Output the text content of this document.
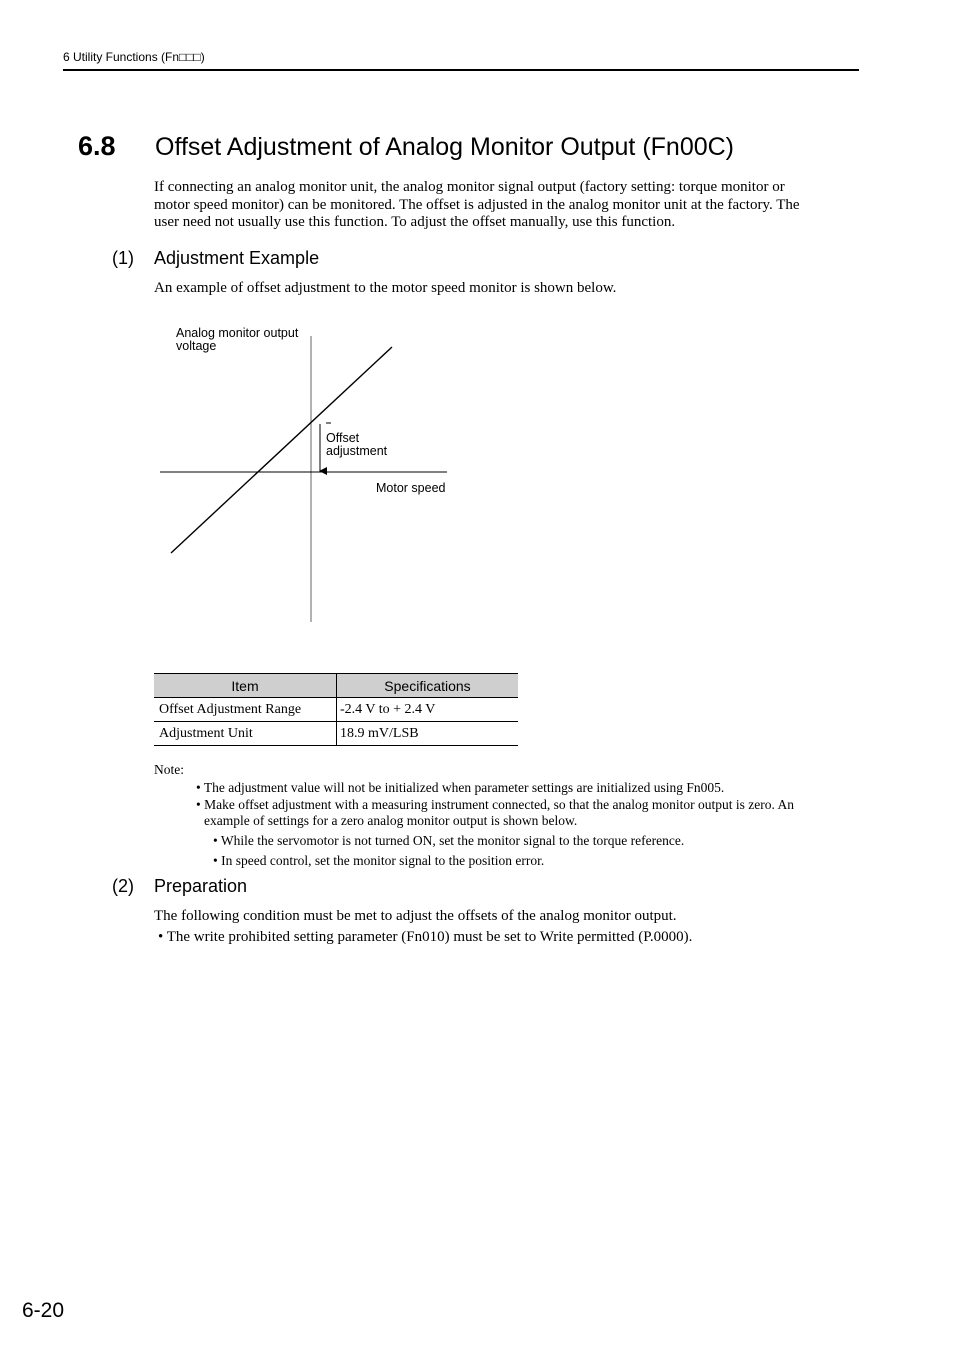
6 Utility Functions (Fn□□□)
6.8 Offset Adjustment of Analog Monitor Output (Fn00C)
If connecting an analog monitor unit, the analog monitor signal output (factory setting: torque monitor or
motor speed monitor) can be monitored. The offset is adjusted in the analog monitor unit at the factory. The
user need not usually use this function. To adjust the offset manually, use this function.
(1) Adjustment Example
An example of offset adjustment to the motor speed monitor is shown below.
Analog monitor output
voltage
Offset
adjustment
Motor speed
Item	Specifications
Offset Adjustment Range	-2.4 V to + 2.4 V
Adjustment Unit	18.9 mV/LSB
Note:
• The adjustment value will not be initialized when parameter settings are initialized using Fn005.
• Make offset adjustment with a measuring instrument connected, so that the analog monitor output is zero. An
example of settings for a zero analog monitor output is shown below.
• While the servomotor is not turned ON, set the monitor signal to the torque reference.
• In speed control, set the monitor signal to the position error.
(2) Preparation
The following condition must be met to adjust the offsets of the analog monitor output.
• The write prohibited setting parameter (Fn010) must be set to Write permitted (P.0000).
6-20
